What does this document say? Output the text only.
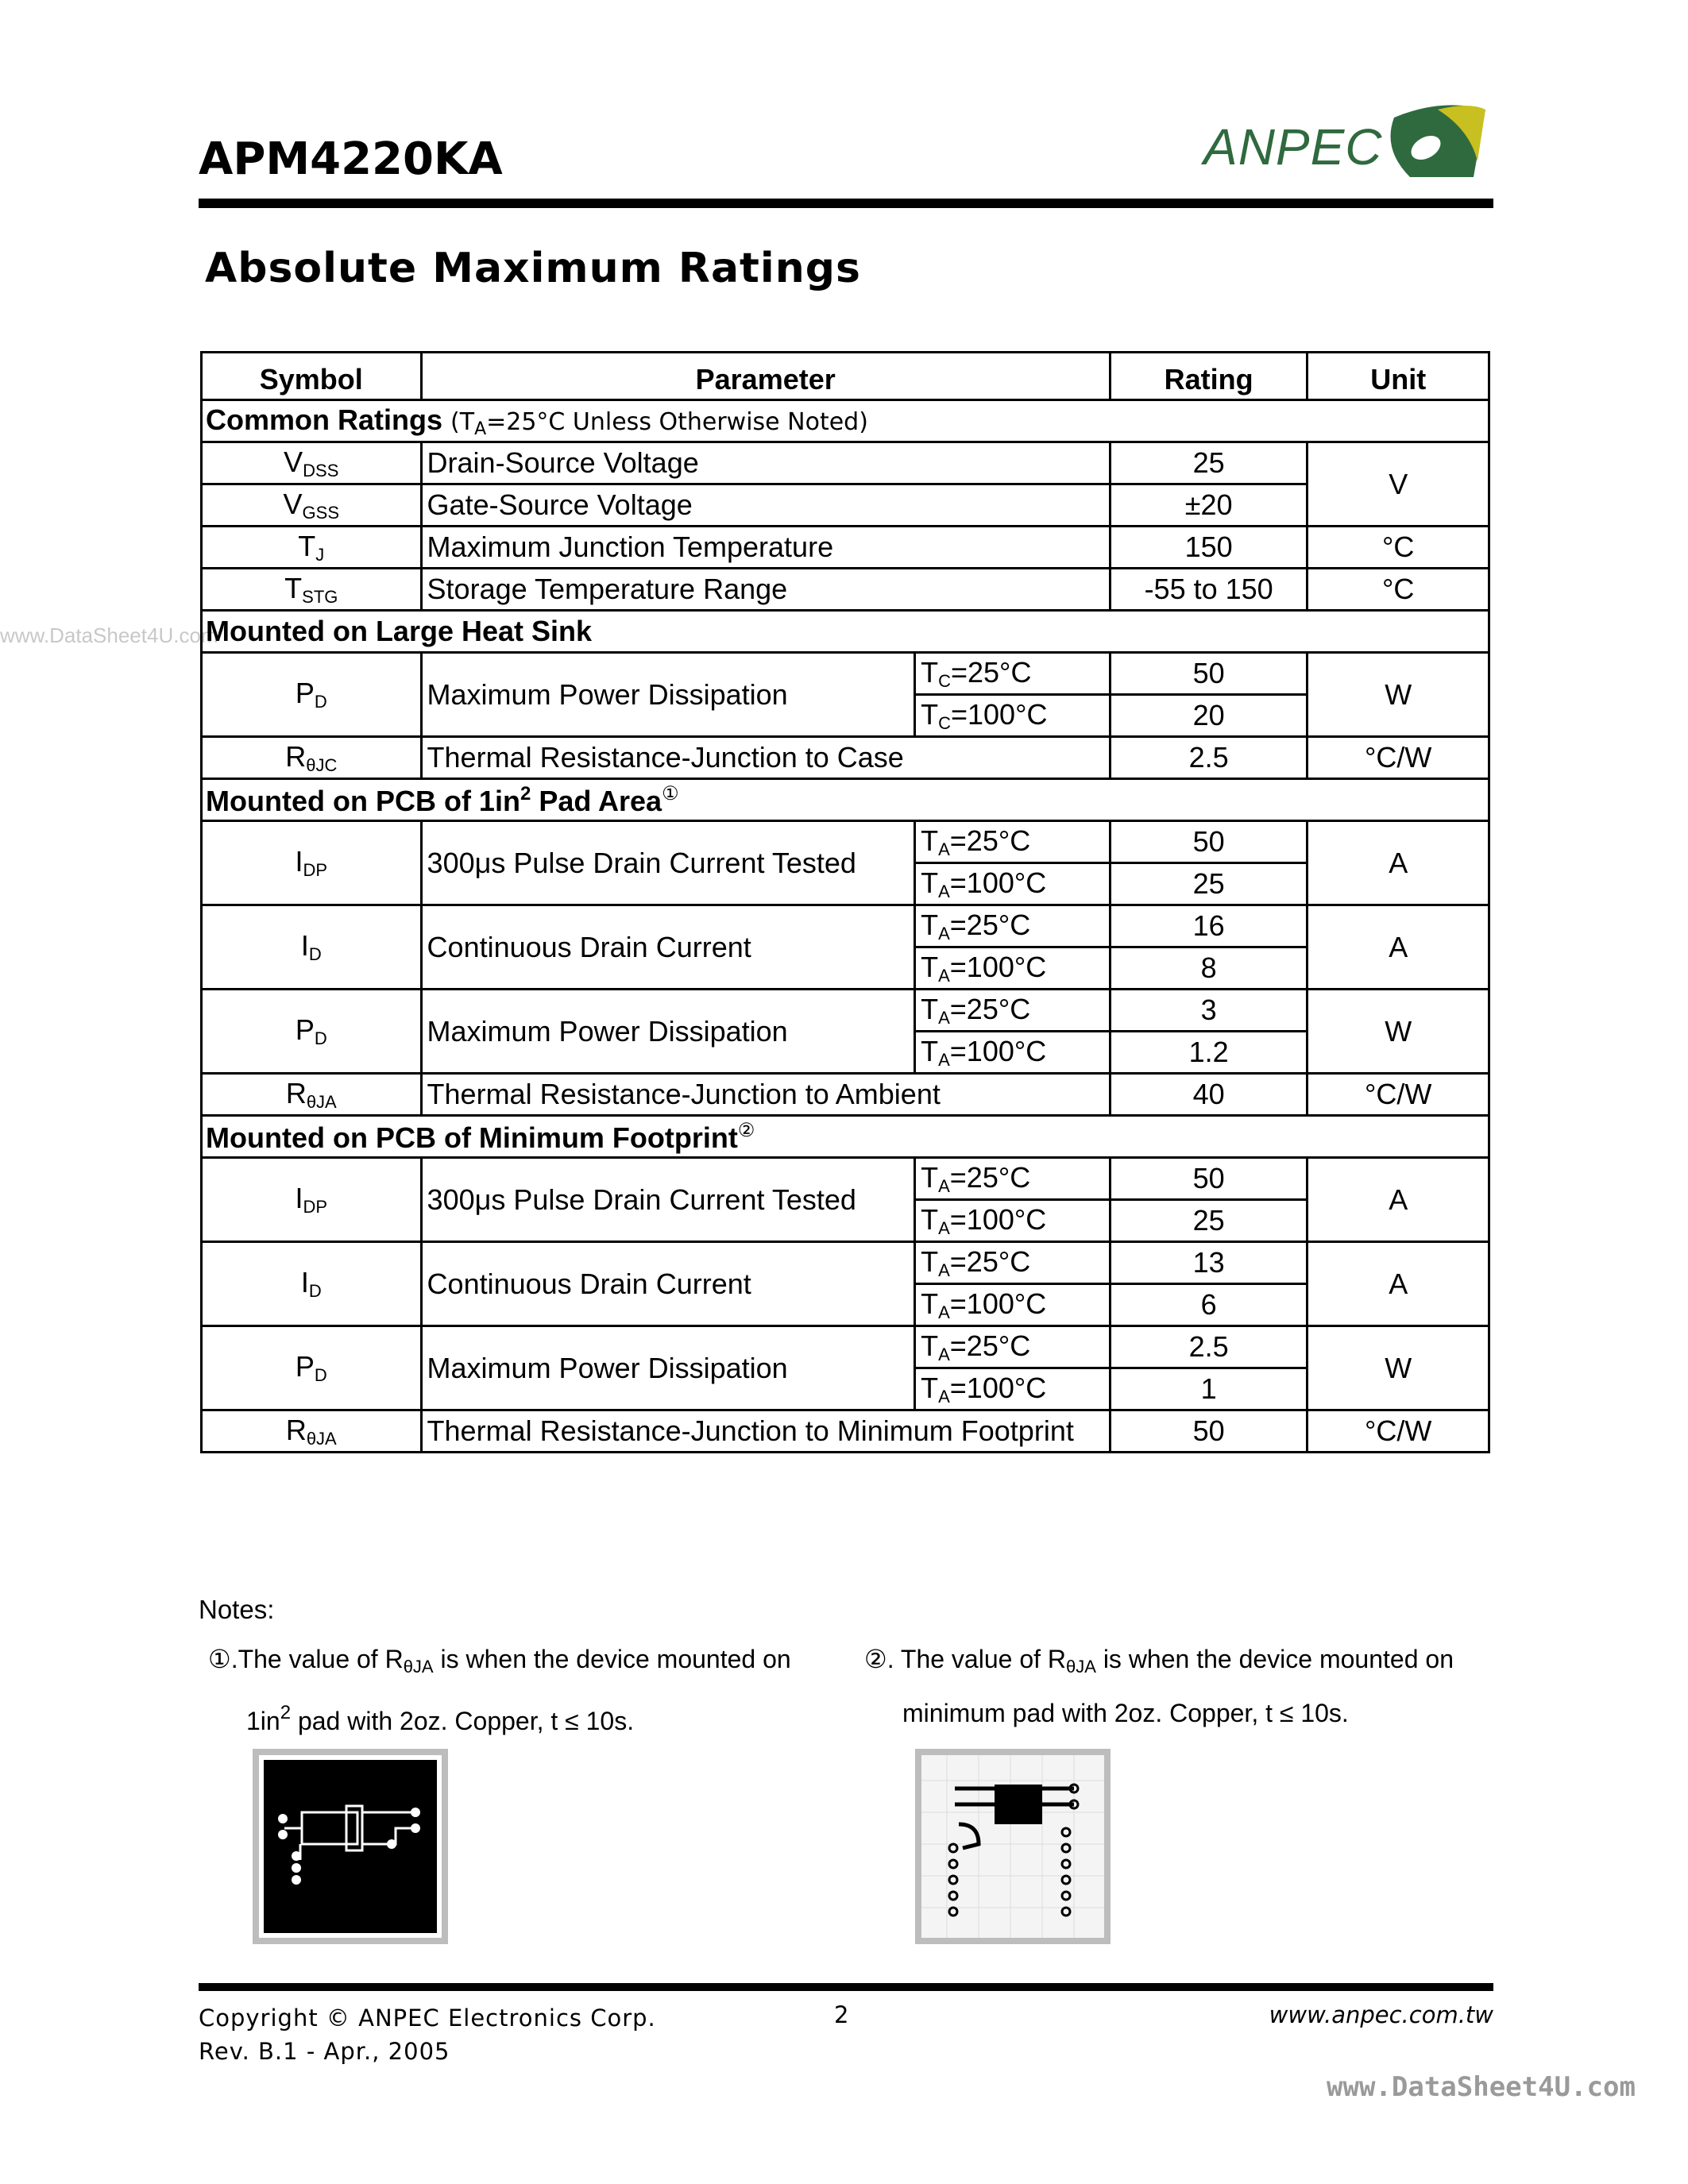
APM4220KA	ANPEC
Absolute Maximum Ratings
www.DataSheet4U.com
Symbol	Parameter		Rating	Unit
Common Ratings ($T_A=25^\circ C$ Unless Otherwise Noted)				
$V_{DSS}$	Drain-Source Voltage		25	V
$V_{GSS}$	Gate-Source Voltage		±20	
$T_J$	Maximum Junction Temperature		150	°C
$T_{STG}$	Storage Temperature Range		-55 to 150	°C
Mounted on Large Heat Sink				
$P_D$	Maximum Power Dissipation	$T_C=25^\circ C$	50	W
		$T_C=100^\circ C$	20	
$R_{\theta JC}$	Thermal Resistance-Junction to Case		2.5	°C/W
Mounted on PCB of $1in^2$ Pad Area①
$I_{DP}$	300μs Pulse Drain Current Tested	$T_A=25^\circ C$	50	A
		$T_A=100^\circ C$	25	
$I_D$	Continuous Drain Current	$T_A=25^\circ C$	16	A
		$T_A=100^\circ C$	8	
$P_D$	Maximum Power Dissipation	$T_A=25^\circ C$	3	W
		$T_A=100^\circ C$	1.2	
$R_{\theta JA}$	Thermal Resistance-Junction to Ambient		40	°C/W
Mounted on PCB of Minimum Footprint②
$I_{DP}$	300μs Pulse Drain Current Tested	$T_A=25^\circ C$	50	A
		$T_A=100^\circ C$	25	
$I_D$	Continuous Drain Current	$T_A=25^\circ C$	13	A
		$T_A=100^\circ C$	6	
$P_D$	Maximum Power Dissipation	$T_A=25^\circ C$	2.5	W
		$T_A=100^\circ C$	1	
$R_{\theta JA}$	Thermal Resistance-Junction to Minimum Footprint		50	°C/W
Notes:
①.The value of $R_{\theta JA}$ is when the device mounted on
$1in^2$ pad with 2oz. Copper, t ≤ 10s.
②. The value of $R_{\theta JA}$ is when the device mounted on
minimum pad with 2oz. Copper, t ≤ 10s.
Copyright © ANPEC Electronics Corp.
Rev. B.1 - Apr., 2005
2	www.anpec.com.tw
www.DataSheet4U.com
